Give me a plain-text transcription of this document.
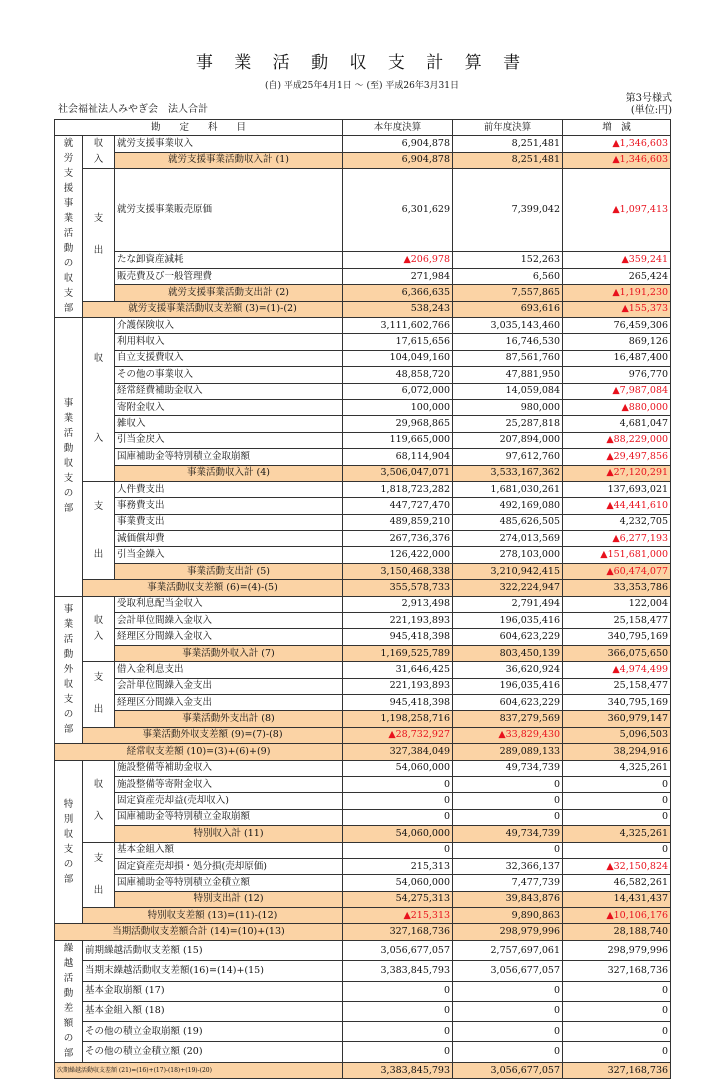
事 業 活 動 収 支 計 算 書
(自) 平成25年4月1日 ～ (至) 平成26年3月31日
社会福祉法人みやぎ会　法人合計
第3号様式
(単位:円)
勘　　定　　科　　目			本年度決算	前年度決算	増　減
就労支援事業活動の収支部	収
入	就労支援事業収入	6,904,878	8,251,481	▲1,346,603
		就労支援事業活動収入計 (1)	6,904,878	8,251,481	▲1,346,603
	支

出	就労支援事業販売原価	6,301,629	7,399,042	▲1,097,413
		たな卸資産減耗	▲206,978	152,263	▲359,241
		販売費及び一般管理費	271,984	6,560	265,424
		就労支援事業活動支出計 (2)	6,366,635	7,557,865	▲1,191,230
	就労支援事業活動収支差額 (3)=(1)-(2)		538,243	693,616	▲155,373
事業活動収支の部	収

入	介護保険収入	3,111,602,766	3,035,143,460	76,459,306
		利用料収入	17,615,656	16,746,530	869,126
		自立支援費収入	104,049,160	87,561,760	16,487,400
		その他の事業収入	48,858,720	47,881,950	976,770
		経常経費補助金収入	6,072,000	14,059,084	▲7,987,084
		寄附金収入	100,000	980,000	▲880,000
		雑収入	29,968,865	25,287,818	4,681,047
		引当金戻入	119,665,000	207,894,000	▲88,229,000
		国庫補助金等特別積立金取崩額	68,114,904	97,612,760	▲29,497,856
		事業活動収入計 (4)	3,506,047,071	3,533,167,362	▲27,120,291
	支

出	人件費支出	1,818,723,282	1,681,030,261	137,693,021
		事務費支出	447,727,470	492,169,080	▲44,441,610
		事業費支出	489,859,210	485,626,505	4,232,705
		減価償却費	267,736,376	274,013,569	▲6,277,193
		引当金繰入	126,422,000	278,103,000	▲151,681,000
		事業活動支出計 (5)	3,150,468,338	3,210,942,415	▲60,474,077
	事業活動収支差額 (6)=(4)-(5)		355,578,733	322,224,947	33,353,786
事業活動外収支の部	収
入	受取利息配当金収入	2,913,498	2,791,494	122,004
		会計単位間繰入金収入	221,193,893	196,035,416	25,158,477
		経理区分間繰入金収入	945,418,398	604,623,229	340,795,169
		事業活動外収入計 (7)	1,169,525,789	803,450,139	366,075,650
	支

出	借入金利息支出	31,646,425	36,620,924	▲4,974,499
		会計単位間繰入金支出	221,193,893	196,035,416	25,158,477
		経理区分間繰入金支出	945,418,398	604,623,229	340,795,169
		事業活動外支出計 (8)	1,198,258,716	837,279,569	360,979,147
	事業活動外収支差額 (9)=(7)-(8)		▲28,732,927	▲33,829,430	5,096,503
経常収支差額 (10)=(3)+(6)+(9)			327,384,049	289,089,133	38,294,916
特別収支の部	収

入	施設整備等補助金収入	54,060,000	49,734,739	4,325,261
		施設整備等寄附金収入	0	0	0
		固定資産売却益(売却収入)	0	0	0
		国庫補助金等特別積立金取崩額	0	0	0
		特別収入計 (11)	54,060,000	49,734,739	4,325,261
	支

出	基本金組入額	0	0	0
		固定資産売却損・処分損(売却原価)	215,313	32,366,137	▲32,150,824
		国庫補助金等特別積立金積立額	54,060,000	7,477,739	46,582,261
		特別支出計 (12)	54,275,313	39,843,876	14,431,437
	特別収支差額 (13)=(11)-(12)		▲215,313	9,890,863	▲10,106,176
当期活動収支差額合計 (14)=(10)+(13)			327,168,736	298,979,996	28,188,740
繰越活動差額の部	前期繰越活動収支差額 (15)		3,056,677,057	2,757,697,061	298,979,996
	当期末繰越活動収支差額(16)=(14)+(15)		3,383,845,793	3,056,677,057	327,168,736
	基本金取崩額 (17)		0	0	0
	基本金組入額 (18)		0	0	0
	その他の積立金取崩額 (19)		0	0	0
	その他の積立金積立額 (20)		0	0	0
次期繰越活動収支差額 (21)=(16)+(17)-(18)+(19)-(20)			3,383,845,793	3,056,677,057	327,168,736
